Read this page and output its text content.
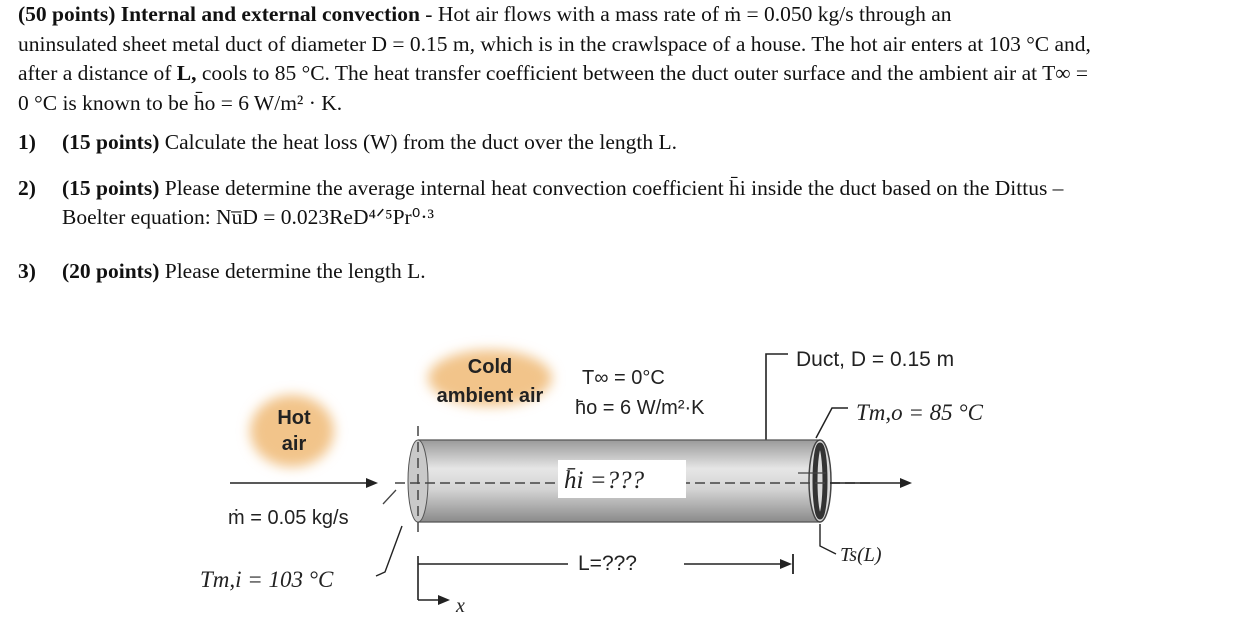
(50 points) Internal and external convection - Hot air flows with a mass rate of ṁ = 0.050 kg/s through an
uninsulated sheet metal duct of diameter D = 0.15 m, which is in the crawlspace of a house. The hot air enters at 103 °C and,
after a distance of L, cools to 85 °C. The heat transfer coefficient between the duct outer surface and the ambient air at T∞ =
0 °C is known to be h̄o = 6 W/m² · K.
1) (15 points) Calculate the heat loss (W) from the duct over the length L.
2) (15 points) Please determine the average internal heat convection coefficient h̄i inside the duct based on the Dittus –
Boelter equation: Nu̅D = 0.023ReD⁴ᐟ⁵Pr⁰·³
3) (20 points) Please determine the length L.
Cold
ambient air
T∞ = 0°C
h̄o = 6 W/m²·K
Duct, D = 0.15 m
Tm,o = 85 °C
Hot
air
h̄i =???
ṁ = 0.05 kg/s
L=???	Ts(L)
Tm,i = 103 °C
x
